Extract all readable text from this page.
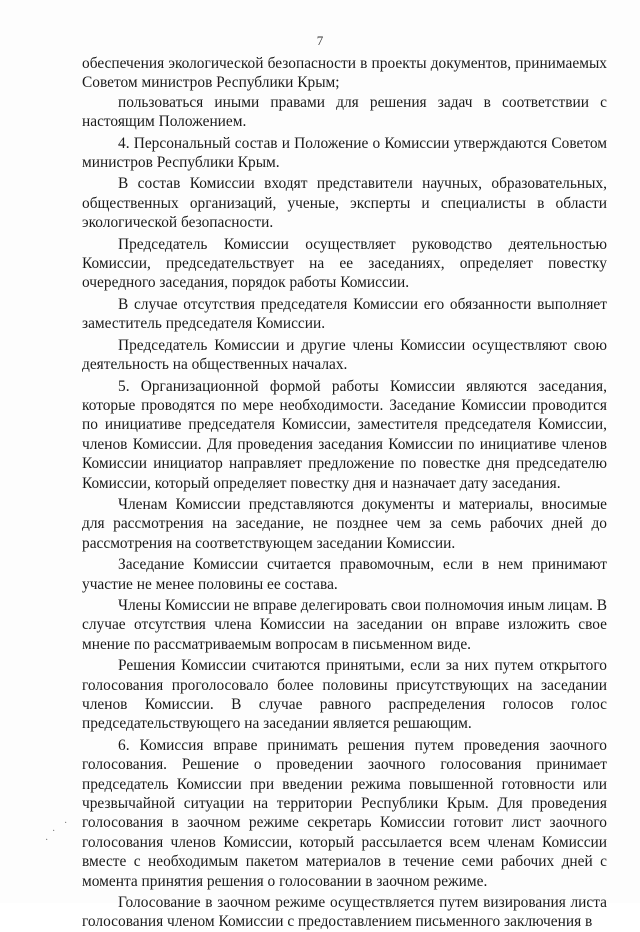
7

обеспечения экологической безопасности в проекты документов, принимаемых Советом министров Республики Крым;

пользоваться иными правами для решения задач в соответствии с настоящим Положением.

4. Персональный состав и Положение о Комиссии утверждаются Советом министров Республики Крым.

В состав Комиссии входят представители научных, образовательных, общественных организаций, ученые, эксперты и специалисты в области экологической безопасности.

Председатель Комиссии осуществляет руководство деятельностью Комиссии, председательствует на ее заседаниях, определяет повестку очередного заседания, порядок работы Комиссии.

В случае отсутствия председателя Комиссии его обязанности выполняет заместитель председателя Комиссии.

Председатель Комиссии и другие члены Комиссии осуществляют свою деятельность на общественных началах.

5. Организационной формой работы Комиссии являются заседания, которые проводятся по мере необходимости. Заседание Комиссии проводится по инициативе председателя Комиссии, заместителя председателя Комиссии, членов Комиссии. Для проведения заседания Комиссии по инициативе членов Комиссии инициатор направляет предложение по повестке дня председателю Комиссии, который определяет повестку дня и назначает дату заседания.

Членам Комиссии представляются документы и материалы, вносимые для рассмотрения на заседание, не позднее чем за семь рабочих дней до рассмотрения на соответствующем заседании Комиссии.

Заседание Комиссии считается правомочным, если в нем принимают участие не менее половины ее состава.

Члены Комиссии не вправе делегировать свои полномочия иным лицам. В случае отсутствия члена Комиссии на заседании он вправе изложить свое мнение по рассматриваемым вопросам в письменном виде.

Решения Комиссии считаются принятыми, если за них путем открытого голосования проголосовало более половины присутствующих на заседании членов Комиссии. В случае равного распределения голосов голос председательствующего на заседании является решающим.

6. Комиссия вправе принимать решения путем проведения заочного голосования. Решение о проведении заочного голосования принимает председатель Комиссии при введении режима повышенной готовности или чрезвычайной ситуации на территории Республики Крым. Для проведения голосования в заочном режиме секретарь Комиссии готовит лист заочного голосования членов Комиссии, который рассылается всем членам Комиссии вместе с необходимым пакетом материалов в течение семи рабочих дней с момента принятия решения о голосовании в заочном режиме.

Голосование в заочном режиме осуществляется путем визирования листа голосования членом Комиссии с предоставлением письменного заключения в

·
·
·
